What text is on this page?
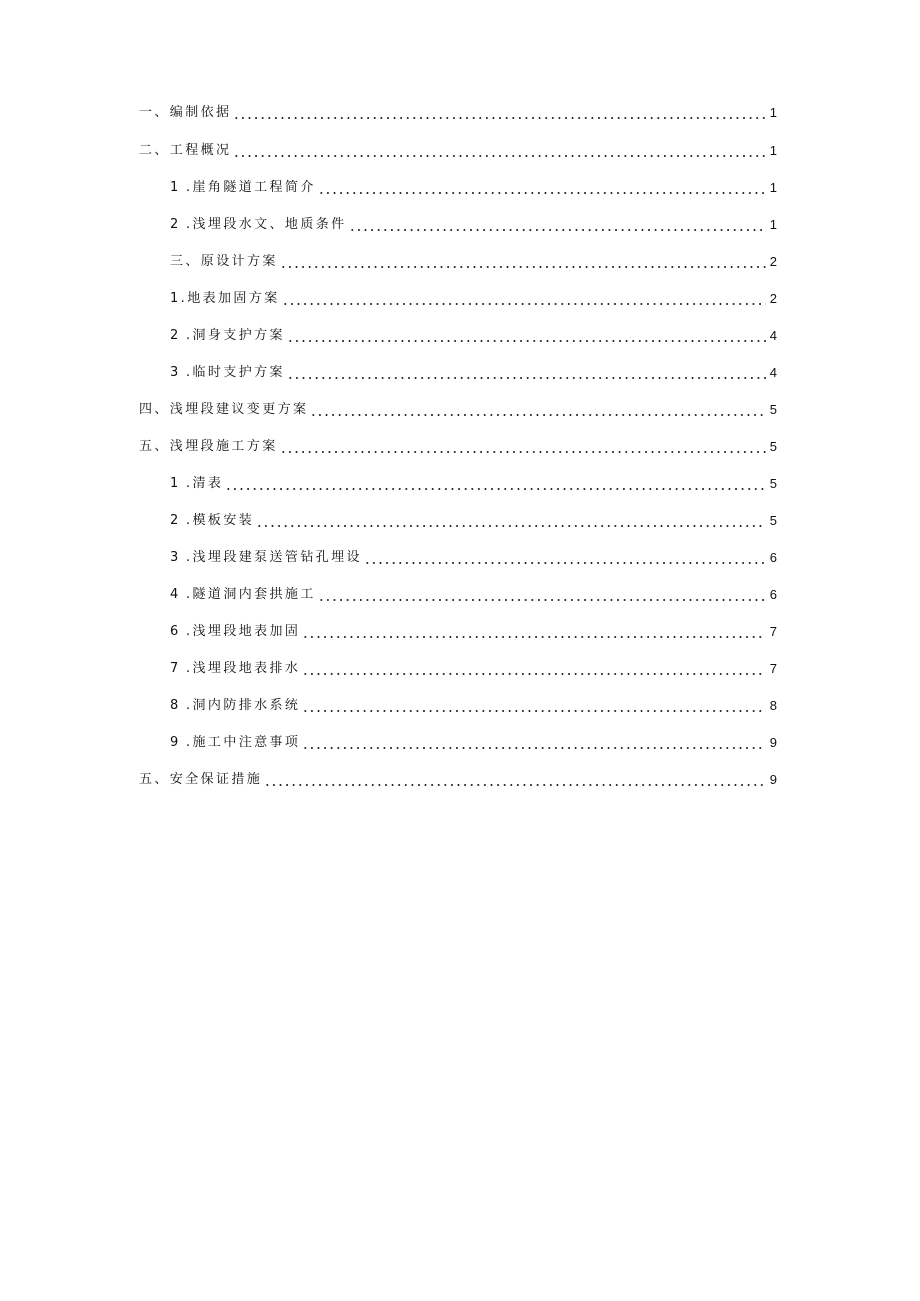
一、编制依据	1
二、工程概况	1
1 .崖角隧道工程简介	1
2 .浅埋段水文、地质条件	1
三、原设计方案	2
1.地表加固方案	2
2 .洞身支护方案	4
3 .临时支护方案	4
四、浅埋段建议变更方案	5
五、浅埋段施工方案	5
1 .清表	5
2 .模板安装	5
3 .浅埋段建泵送管钻孔埋设	6
4 .隧道洞内套拱施工	6
6 .浅埋段地表加固	7
7 .浅埋段地表排水	7
8 .洞内防排水系统	8
9 .施工中注意事项	9
五、安全保证措施	9
